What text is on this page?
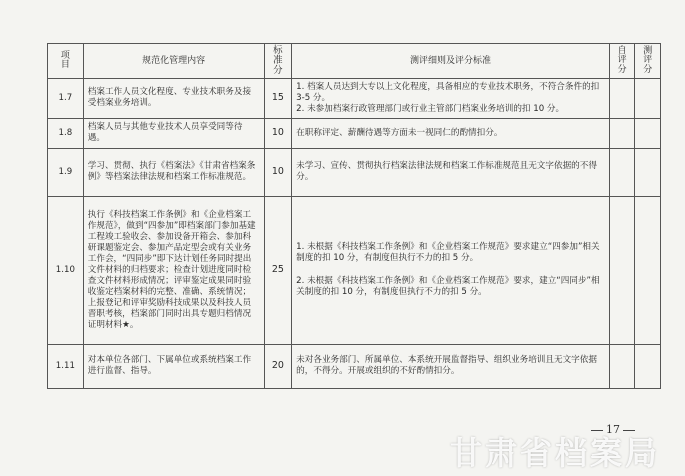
项目	规范化管理内容	标准分	测评细则及评分标准	自评分	测评分

1.7	档案工作人员文化程度、专业技术职务及接受档案业务培训。	15	1. 档案人员达到大专以上文化程度，具备相应的专业技术职务，不符合条件的扣 3-5 分。
2. 未参加档案行政管理部门或行业主管部门档案业务培训的扣 10 分。		

1.8	档案人员与其他专业技术人员享受同等待遇。	10	在职称评定、薪酬待遇等方面未一视同仁的酌情扣分。		

1.9	学习、贯彻、执行《档案法》《甘肃省档案条例》等档案法律法规和档案工作标准规范。	10	未学习、宣传、贯彻执行档案法律法规和档案工作标准规范且无文字依据的不得分。		

1.10	执行《科技档案工作条例》和《企业档案工作规范》，做到“四参加”即档案部门参加基建工程竣工验收会、参加设备开箱会、参加科研课题鉴定会、参加产品定型会或有关业务工作会，“四同步”即下达计划任务同时提出文件材料的归档要求；检查计划进度同时检查文件材料形成情况；评审鉴定成果同时验收鉴定档案材料的完整、准确、系统情况；上报登记和评审奖励科技成果以及科技人员晋职考核，档案部门同时出具专题归档情况证明材料★。	25	1. 未根据《科技档案工作条例》和《企业档案工作规范》要求建立“四参加”相关制度的扣 10 分，有制度但执行不力的扣 5 分。
2. 未根据《科技档案工作条例》和《企业档案工作规范》要求，建立“四同步”相关制度的扣 10 分，有制度但执行不力的扣 5 分。		

1.11	对本单位各部门、下属单位或系统档案工作进行监督、指导。	20	未对各业务部门、所属单位、本系统开展监督指导、组织业务培训且无文字依据的，不得分。开展或组织的不好酌情扣分。		

17
甘肃省档案局
